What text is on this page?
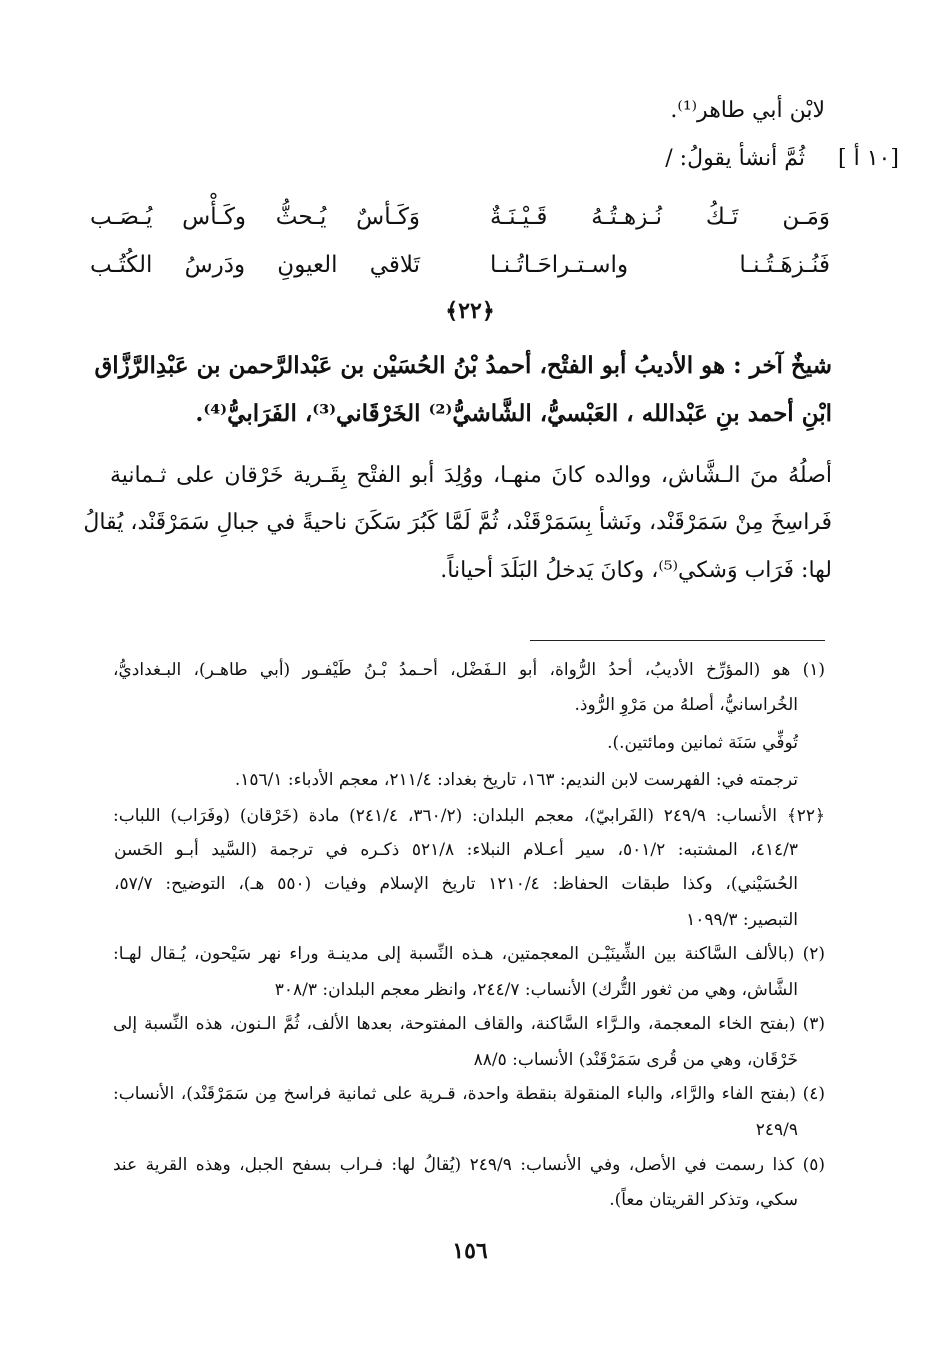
لابْن أبي طاهر⁽¹⁾.
[ ١٠ أ]
ثُمَّ أنشأ يقولُ: /
وَمَـن تَـكُ نُـزهـتُـهُ قَـيْـنَـةٌ
وَكَـأسٌ يُـحثُّ وكَـأْس يُـصَـب
فَنُـزهَـتُـنـا واسـتـراحَـاتُـنـا
تَلاقي العيونِ ودَرسُ الكُتُـب
﴿٢٢﴾
شيخٌ آخر : هو الأديبُ أبو الفتْح، أحمدُ بْنُ الحُسَيْن بن عَبْدالرَّحمن بن عَبْدِالرَّزَّاق
ابْنِ أحمد بنِ عَبْدالله ، العَبْسيُّ، الشَّاشيُّ⁽²⁾ الخَرْقَاني⁽³⁾، الفَرَابيُّ⁽⁴⁾.
أصلُهُ منَ الـشَّاش، ووالده كانَ منهـا، ووُلِدَ أبو الفتْح بِقَـرية خَرْقان على ثـمانية
فَراسِخَ مِنْ سَمَرْقَنْد، ونَشأ بِسَمَرْقَنْد، ثُمَّ لَمَّا كَبُرَ سَكَنَ ناحيةً في جبالِ سَمَرْقَنْد، يُقالُ
لها: فَرَاب وَشكي⁽⁵⁾، وكانَ يَدخلُ البَلَدَ أحياناً.
(١) هو (المؤرِّخ الأديبُ، أحدُ الرُّواة، أبو الـفَضْل، أحـمدُ بْـنُ طَيْفـور (أبي طاهـر)، البـغداديُّ،
الخُراسانيُّ، أصلهُ من مَرْوِ الرُّوذ.
تُوفِّي سَنَة ثمانين ومائتين.).
ترجمته في: الفهرست لابن النديم: ١٦٣، تاريخ بغداد: ٢١١/٤، معجم الأدباء: ١٥٦/١.
﴿٢٢﴾ الأنساب: ٢٤٩/٩ (الفَرابيّ)، معجم البلدان: (٣٦٠/٢، ٢٤١/٤) مادة (خَرْقان) (وفَرَاب) اللباب:
٤١٤/٣، المشتبه: ٥٠١/٢، سير أعـلام النبلاء: ٥٢١/٨ ذكـره في ترجمة (السَّيد أبـو الحَسن
الحُسَيْني)، وكذا طبقات الحفاظ: ١٢١٠/٤ تاريخ الإسلام وفيات (٥٥٠ هـ)، التوضيح: ٥٧/٧،
التبصير: ١٠٩٩/٣
(٢) (بالألف السَّاكنة بين الشِّينَيْـن المعجمتين، هـذه النِّسبة إلى مدينـة وراء نهر سَيْحون، يُـقال لهـا:
الشَّاش، وهي من ثغور التُّرك) الأنساب: ٢٤٤/٧، وانظر معجم البلدان: ٣٠٨/٣
(٣) (بفتح الخاء المعجمة، والـرَّاء السَّاكنة، والقاف المفتوحة، بعدها الألف، ثُمَّ الـنون، هذه النِّسبة إلى
خَرْقَان، وهي من قُرى سَمَرْقَنْد) الأنساب: ٨٨/٥
(٤) (بفتح الفاء والرَّاء، والباء المنقولة بنقطة واحدة، قـرية على ثمانية فراسخ مِن سَمَرْقَنْد)، الأنساب:
٢٤٩/٩
(٥) كذا رسمت في الأصل، وفي الأنساب: ٢٤٩/٩ (يُقالُ لها: فـراب بسفح الجبل، وهذه القرية عند
سكي، وتذكر القريتان معاً).
١٥٦
